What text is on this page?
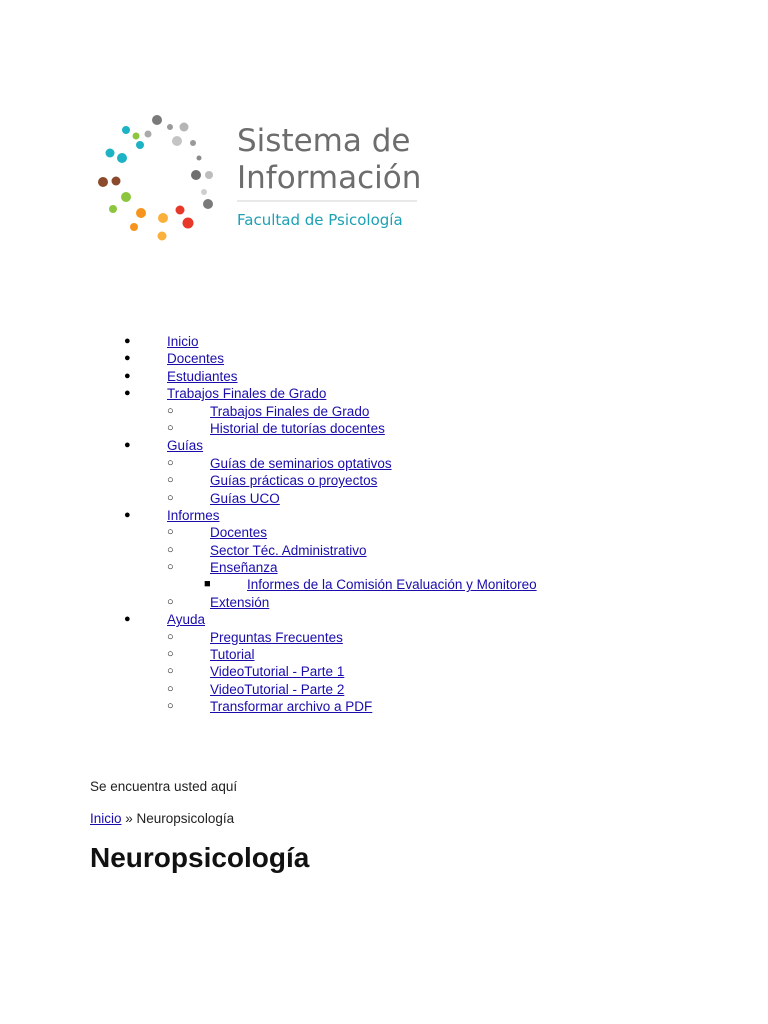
Sistema de
Información
Facultad de Psicología
●	Inicio
●	Docentes
●	Estudiantes
●	Trabajos Finales de Grado
○	Trabajos Finales de Grado
○	Historial de tutorías docentes
●	Guías
○	Guías de seminarios optativos
○	Guías prácticas o proyectos
○	Guías UCO
●	Informes
○	Docentes
○	Sector Téc. Administrativo
○	Enseñanza
■	Informes de la Comisión Evaluación y Monitoreo
○	Extensión
●	Ayuda
○	Preguntas Frecuentes
○	Tutorial
○	VideoTutorial - Parte 1
○	VideoTutorial - Parte 2
○	Transformar archivo a PDF
Se encuentra usted aquí
Inicio » Neuropsicología
Neuropsicología
